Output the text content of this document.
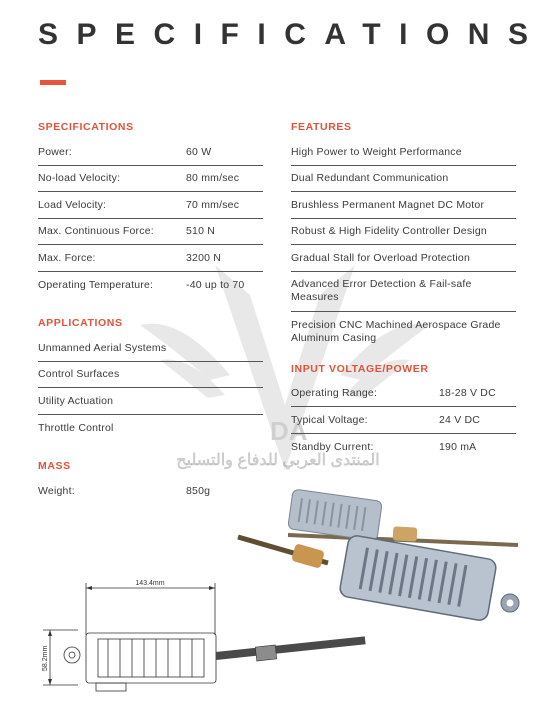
SPECIFICATIONS
DA
المنتدى العربي للدفاع والتسليح
SPECIFICATIONS
Power:	60 W
No-load Velocity:	80 mm/sec
Load Velocity:	70 mm/sec
Max. Continuous Force:	510 N
Max. Force:	3200 N
Operating Temperature:	-40 up to 70
APPLICATIONS
Unmanned Aerial Systems
Control Surfaces
Utility Actuation
Throttle Control
MASS
Weight:	850g
FEATURES
High Power to Weight Performance
Dual Redundant Communication
Brushless Permanent Magnet DC Motor
Robust & High Fidelity Controller Design
Gradual Stall for Overload Protection
Advanced Error Detection & Fail-safe Measures
Precision CNC Machined Aerospace Grade Aluminum Casing
INPUT VOLTAGE/POWER
Operating Range:	18-28 V DC
Typical Voltage:	24 V DC
Standby Current:	190 mA
143.4mm
58.2mm
